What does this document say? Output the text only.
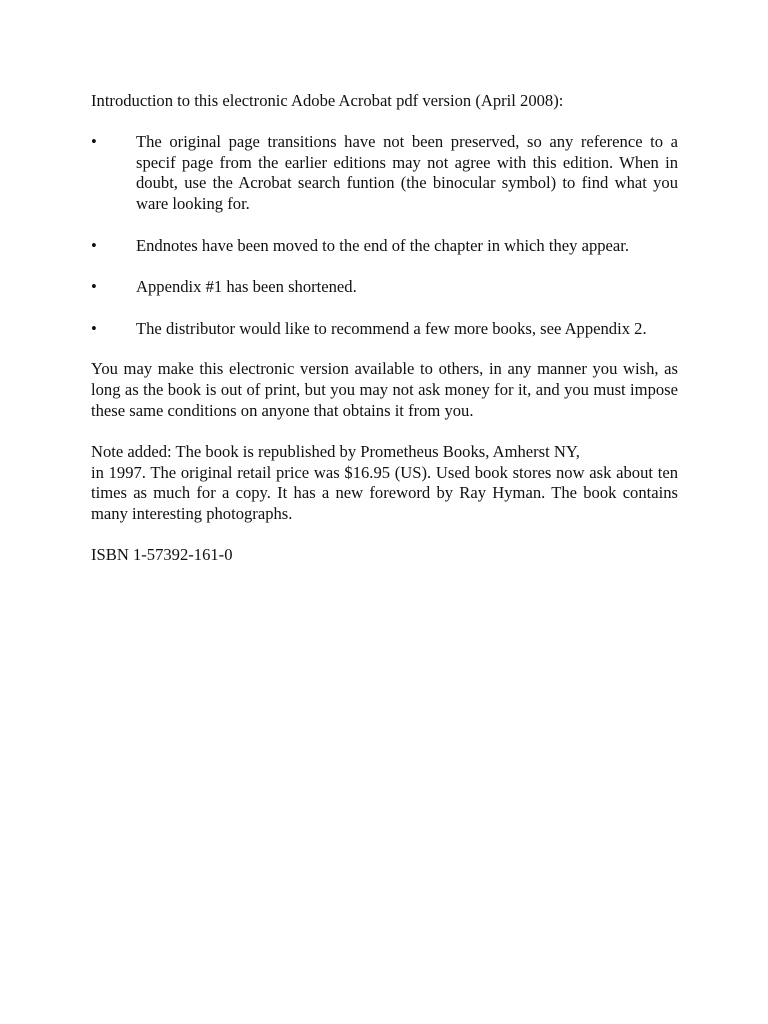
Introduction to this electronic Adobe Acrobat pdf version (April 2008):

• The original page transitions have not been preserved, so any reference to a specif page from the earlier editions may not agree with this edition. When in doubt, use the Acrobat search funtion (the binocular symbol) to find what you ware looking for.
• Endnotes have been moved to the end of the chapter in which they appear.
• Appendix #1 has been shortened.
• The distributor would like to recommend a few more books, see Appendix 2.

You may make this electronic version available to others, in any manner you wish, as long as the book is out of print, but you may not ask money for it, and you must impose these same conditions on anyone that obtains it from you.

Note added: The book is republished by Prometheus Books, Amherst NY,
in 1997. The original retail price was $16.95 (US). Used book stores now ask about ten times as much for a copy. It has a new foreword by Ray Hyman. The book contains many interesting photographs.

ISBN 1-57392-161-0
